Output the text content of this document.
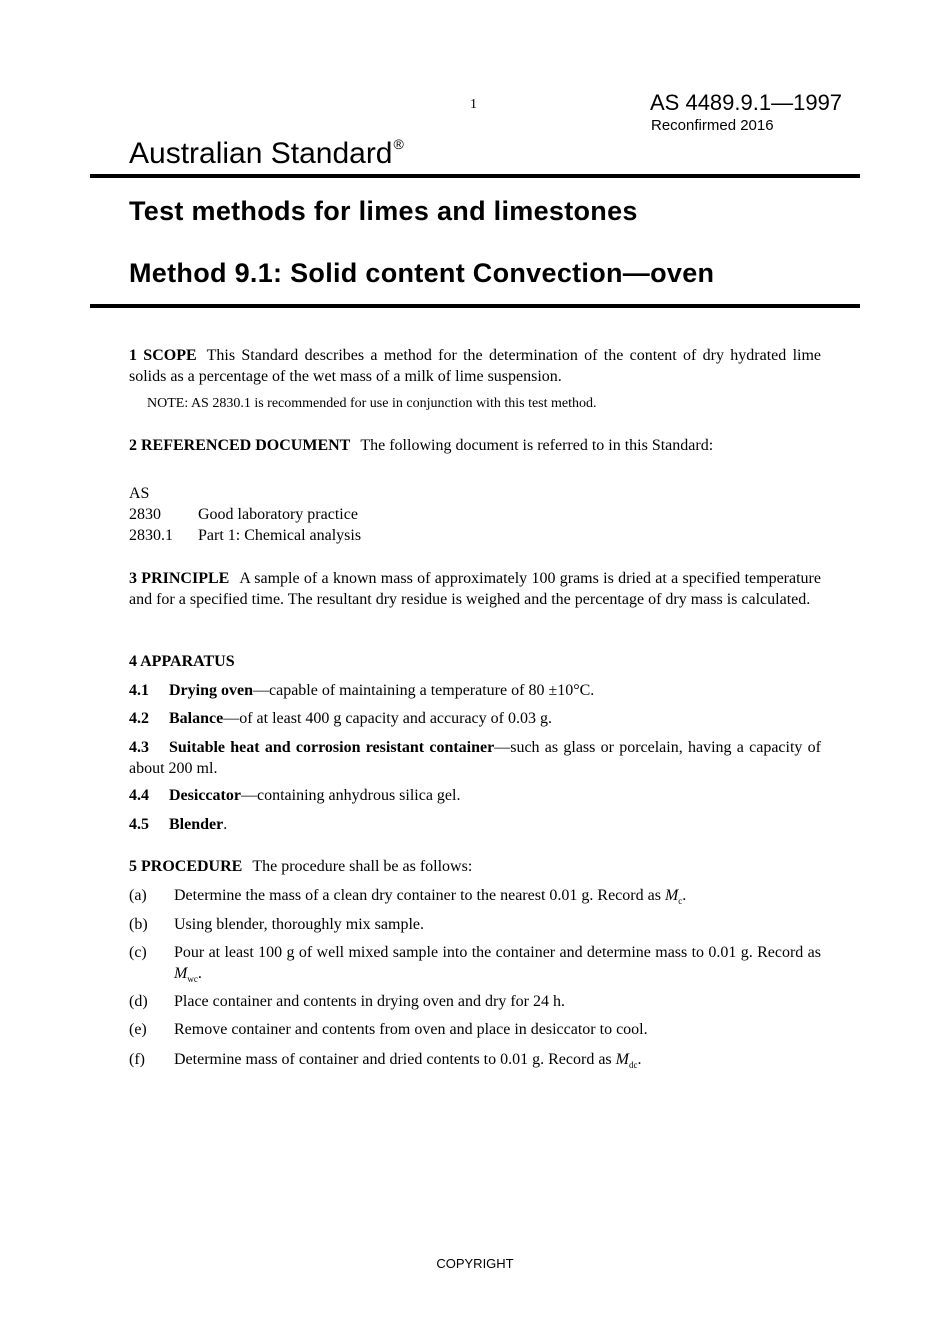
1	AS 4489.9.1—1997
Reconfirmed 2016
Australian Standard®
Test methods for limes and limestones
Method 9.1: Solid content Convection—oven
1 SCOPE This Standard describes a method for the determination of the content of dry hydrated lime solids as a percentage of the wet mass of a milk of lime suspension.
NOTE: AS 2830.1 is recommended for use in conjunction with this test method.
2 REFERENCED DOCUMENT The following document is referred to in this Standard:
AS
2830 Good laboratory practice
2830.1 Part 1: Chemical analysis
3 PRINCIPLE A sample of a known mass of approximately 100 grams is dried at a specified temperature and for a specified time. The resultant dry residue is weighed and the percentage of dry mass is calculated.
4 APPARATUS
4.1 Drying oven—capable of maintaining a temperature of 80 ±10°C.
4.2 Balance—of at least 400 g capacity and accuracy of 0.03 g.
4.3 Suitable heat and corrosion resistant container—such as glass or porcelain, having a capacity of about 200 ml.
4.4 Desiccator—containing anhydrous silica gel.
4.5 Blender.
5 PROCEDURE The procedure shall be as follows:
(a) Determine the mass of a clean dry container to the nearest 0.01 g. Record as $M_c$.
(b) Using blender, thoroughly mix sample.
(c) Pour at least 100 g of well mixed sample into the container and determine mass to 0.01 g. Record as $M_{wc}$.
(d) Place container and contents in drying oven and dry for 24 h.
(e) Remove container and contents from oven and place in desiccator to cool.
(f) Determine mass of container and dried contents to 0.01 g. Record as $M_{dc}$.
COPYRIGHT
